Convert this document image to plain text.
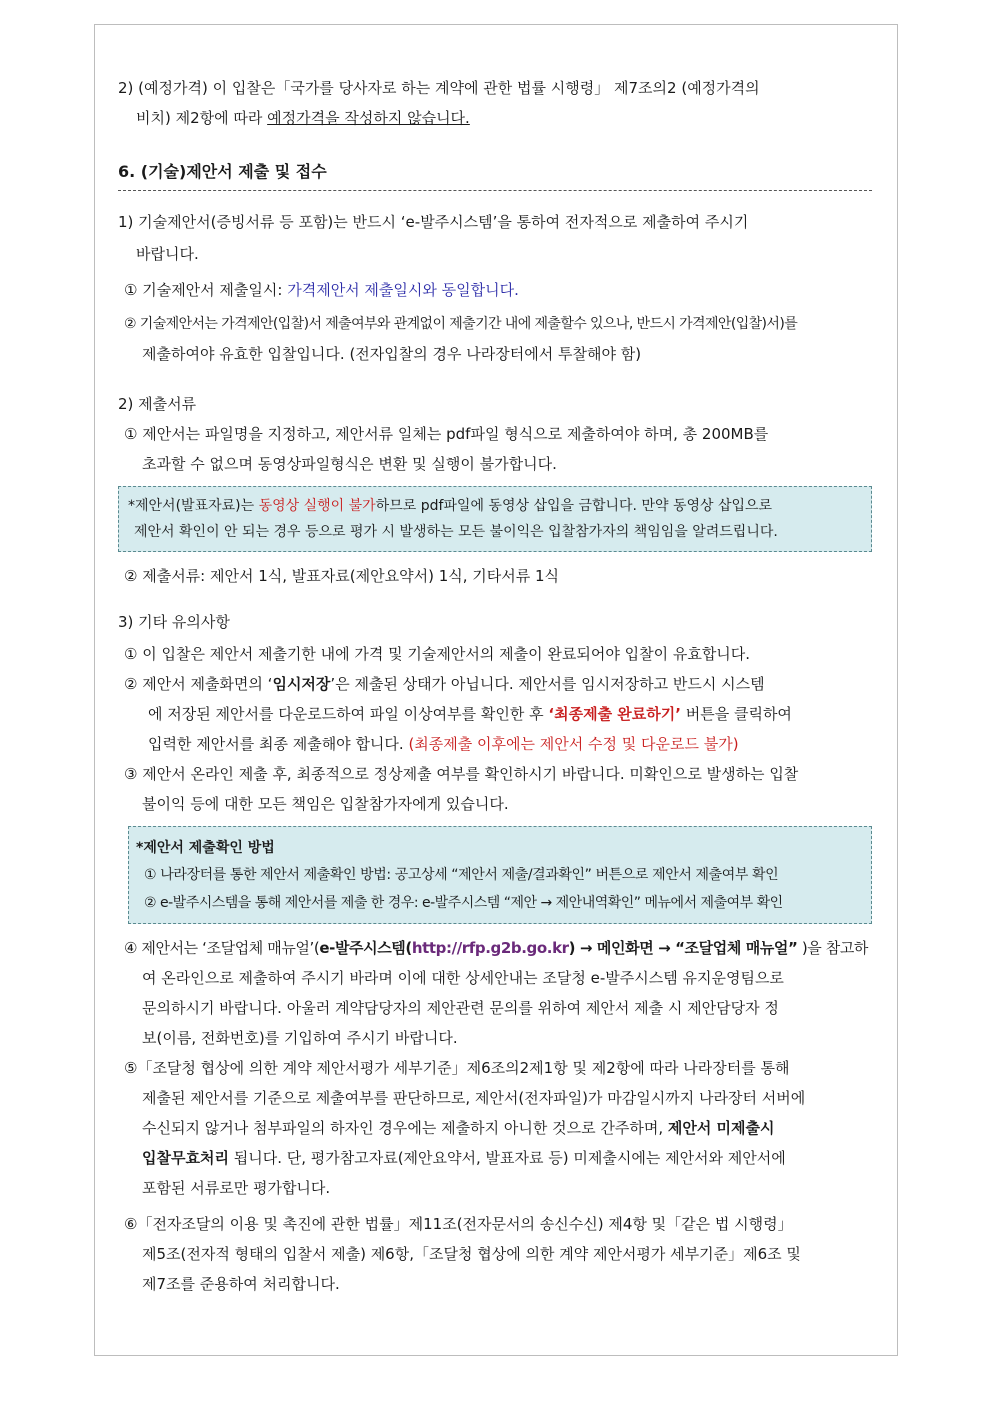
2) (예정가격) 이 입찰은「국가를 당사자로 하는 계약에 관한 법률 시행령」 제7조의2 (예정가격의
비치) 제2항에 따라 예정가격을 작성하지 않습니다.
6. (기술)제안서 제출 및 접수
1) 기술제안서(증빙서류 등 포함)는 반드시 ‘e-발주시스템’을 통하여 전자적으로 제출하여 주시기
바랍니다.
① 기술제안서 제출일시: 가격제안서 제출일시와 동일합니다.
② 기술제안서는 가격제안(입찰)서 제출여부와 관계없이 제출기간 내에 제출할수 있으나, 반드시 가격제안(입찰)서)를
제출하여야 유효한 입찰입니다. (전자입찰의 경우 나라장터에서 투찰해야 함)
2) 제출서류
① 제안서는 파일명을 지정하고, 제안서류 일체는 pdf파일 형식으로 제출하여야 하며, 총 200MB를
초과할 수 없으며 동영상파일형식은 변환 및 실행이 불가합니다.
*제안서(발표자료)는 동영상 실행이 불가하므로 pdf파일에 동영상 삽입을 금합니다. 만약 동영상 삽입으로
제안서 확인이 안 되는 경우 등으로 평가 시 발생하는 모든 불이익은 입찰참가자의 책임임을 알려드립니다.
② 제출서류: 제안서 1식, 발표자료(제안요약서) 1식, 기타서류 1식
3) 기타 유의사항
① 이 입찰은 제안서 제출기한 내에 가격 및 기술제안서의 제출이 완료되어야 입찰이 유효합니다.
② 제안서 제출화면의 ‘임시저장’은 제출된 상태가 아닙니다. 제안서를 임시저장하고 반드시 시스템
에 저장된 제안서를 다운로드하여 파일 이상여부를 확인한 후 ‘최종제출 완료하기’ 버튼을 클릭하여
입력한 제안서를 최종 제출해야 합니다. (최종제출 이후에는 제안서 수정 및 다운로드 불가)
③ 제안서 온라인 제출 후, 최종적으로 정상제출 여부를 확인하시기 바랍니다. 미확인으로 발생하는 입찰
불이익 등에 대한 모든 책임은 입찰참가자에게 있습니다.
*제안서 제출확인 방법
① 나라장터를 통한 제안서 제출확인 방법: 공고상세 “제안서 제출/결과확인” 버튼으로 제안서 제출여부 확인
② e-발주시스템을 통해 제안서를 제출 한 경우: e-발주시스템 “제안 → 제안내역확인” 메뉴에서 제출여부 확인
④ 제안서는 ‘조달업체 매뉴얼’(e-발주시스템(http://rfp.g2b.go.kr) → 메인화면 → “조달업체 매뉴얼” )을 참고하
여 온라인으로 제출하여 주시기 바라며 이에 대한 상세안내는 조달청 e-발주시스템 유지운영팀으로
문의하시기 바랍니다. 아울러 계약담당자의 제안관련 문의를 위하여 제안서 제출 시 제안담당자 정
보(이름, 전화번호)를 기입하여 주시기 바랍니다.
⑤「조달청 협상에 의한 계약 제안서평가 세부기준」제6조의2제1항 및 제2항에 따라 나라장터를 통해
제출된 제안서를 기준으로 제출여부를 판단하므로, 제안서(전자파일)가 마감일시까지 나라장터 서버에
수신되지 않거나 첨부파일의 하자인 경우에는 제출하지 아니한 것으로 간주하며, 제안서 미제출시
입찰무효처리 됩니다. 단, 평가참고자료(제안요약서, 발표자료 등) 미제출시에는 제안서와 제안서에
포함된 서류로만 평가합니다.
⑥「전자조달의 이용 및 촉진에 관한 법률」제11조(전자문서의 송신수신) 제4항 및「같은 법 시행령」
제5조(전자적 형태의 입찰서 제출) 제6항,「조달청 협상에 의한 계약 제안서평가 세부기준」제6조 및
제7조를 준용하여 처리합니다.
